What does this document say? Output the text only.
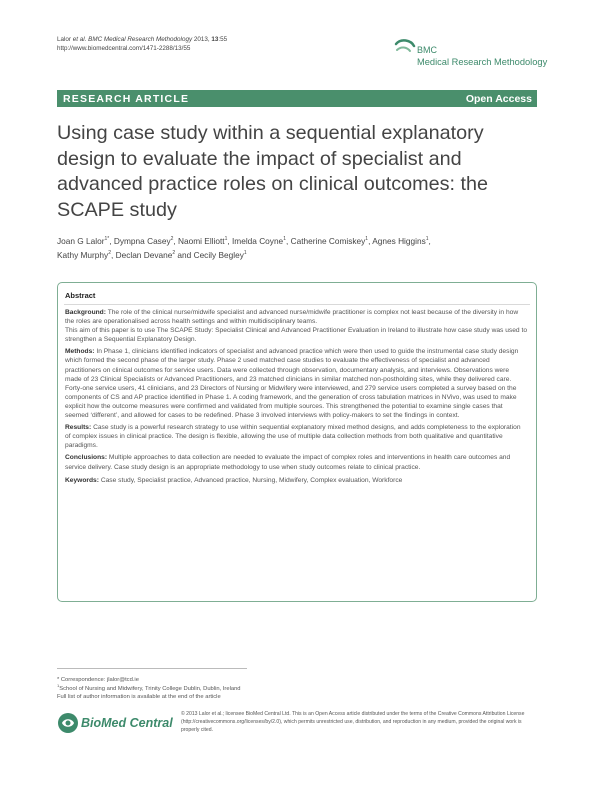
Lalor et al. BMC Medical Research Methodology 2013, 13:55
http://www.biomedcentral.com/1471-2288/13/55	BMC
Medical Research Methodology
RESEARCH ARTICLE	Open Access
Using case study within a sequential explanatory design to evaluate the impact of specialist and advanced practice roles on clinical outcomes: the SCAPE study
Joan G Lalor$^{1*}$, Dympna Casey$^2$, Naomi Elliott$^1$, Imelda Coyne$^1$, Catherine Comiskey$^1$, Agnes Higgins$^1$,
Kathy Murphy$^2$, Declan Devane$^2$ and Cecily Begley$^1$
Abstract

Background: The role of the clinical nurse/midwife specialist and advanced nurse/midwife practitioner is complex not least because of the diversity in how the roles are operationalised across health settings and within multidisciplinary teams.
This aim of this paper is to use The SCAPE Study: Specialist Clinical and Advanced Practitioner Evaluation in Ireland to illustrate how case study was used to strengthen a Sequential Explanatory Design.

Methods: In Phase 1, clinicians identified indicators of specialist and advanced practice which were then used to guide the instrumental case study design which formed the second phase of the larger study. Phase 2 used matched case studies to evaluate the effectiveness of specialist and advanced practitioners on clinical outcomes for service users. Data were collected through observation, documentary analysis, and interviews. Observations were made of 23 Clinical Specialists or Advanced Practitioners, and 23 matched clinicians in similar matched non-postholding sites, while they delivered care. Forty-one service users, 41 clinicians, and 23 Directors of Nursing or Midwifery were interviewed, and 279 service users completed a survey based on the components of CS and AP practice identified in Phase 1. A coding framework, and the generation of cross tabulation matrices in NVivo, was used to make explicit how the outcome measures were confirmed and validated from multiple sources. This strengthened the potential to examine single cases that seemed ‘different’, and allowed for cases to be redefined. Phase 3 involved interviews with policy-makers to set the findings in context.

Results: Case study is a powerful research strategy to use within sequential explanatory mixed method designs, and adds completeness to the exploration of complex issues in clinical practice. The design is flexible, allowing the use of multiple data collection methods from both qualitative and quantitative paradigms.

Conclusions: Multiple approaches to data collection are needed to evaluate the impact of complex roles and interventions in health care outcomes and service delivery. Case study design is an appropriate methodology to use when study outcomes relate to clinical practice.

Keywords: Case study, Specialist practice, Advanced practice, Nursing, Midwifery, Complex evaluation, Workforce

* Correspondence: jlalor@tcd.ie
$^1$School of Nursing and Midwifery, Trinity College Dublin, Dublin, Ireland
Full list of author information is available at the end of the article
BioMed Central
© 2013 Lalor et al.; licensee BioMed Central Ltd. This is an Open Access article distributed under the terms of the Creative Commons Attribution License (http://creativecommons.org/licenses/by/2.0), which permits unrestricted use, distribution, and reproduction in any medium, provided the original work is properly cited.
